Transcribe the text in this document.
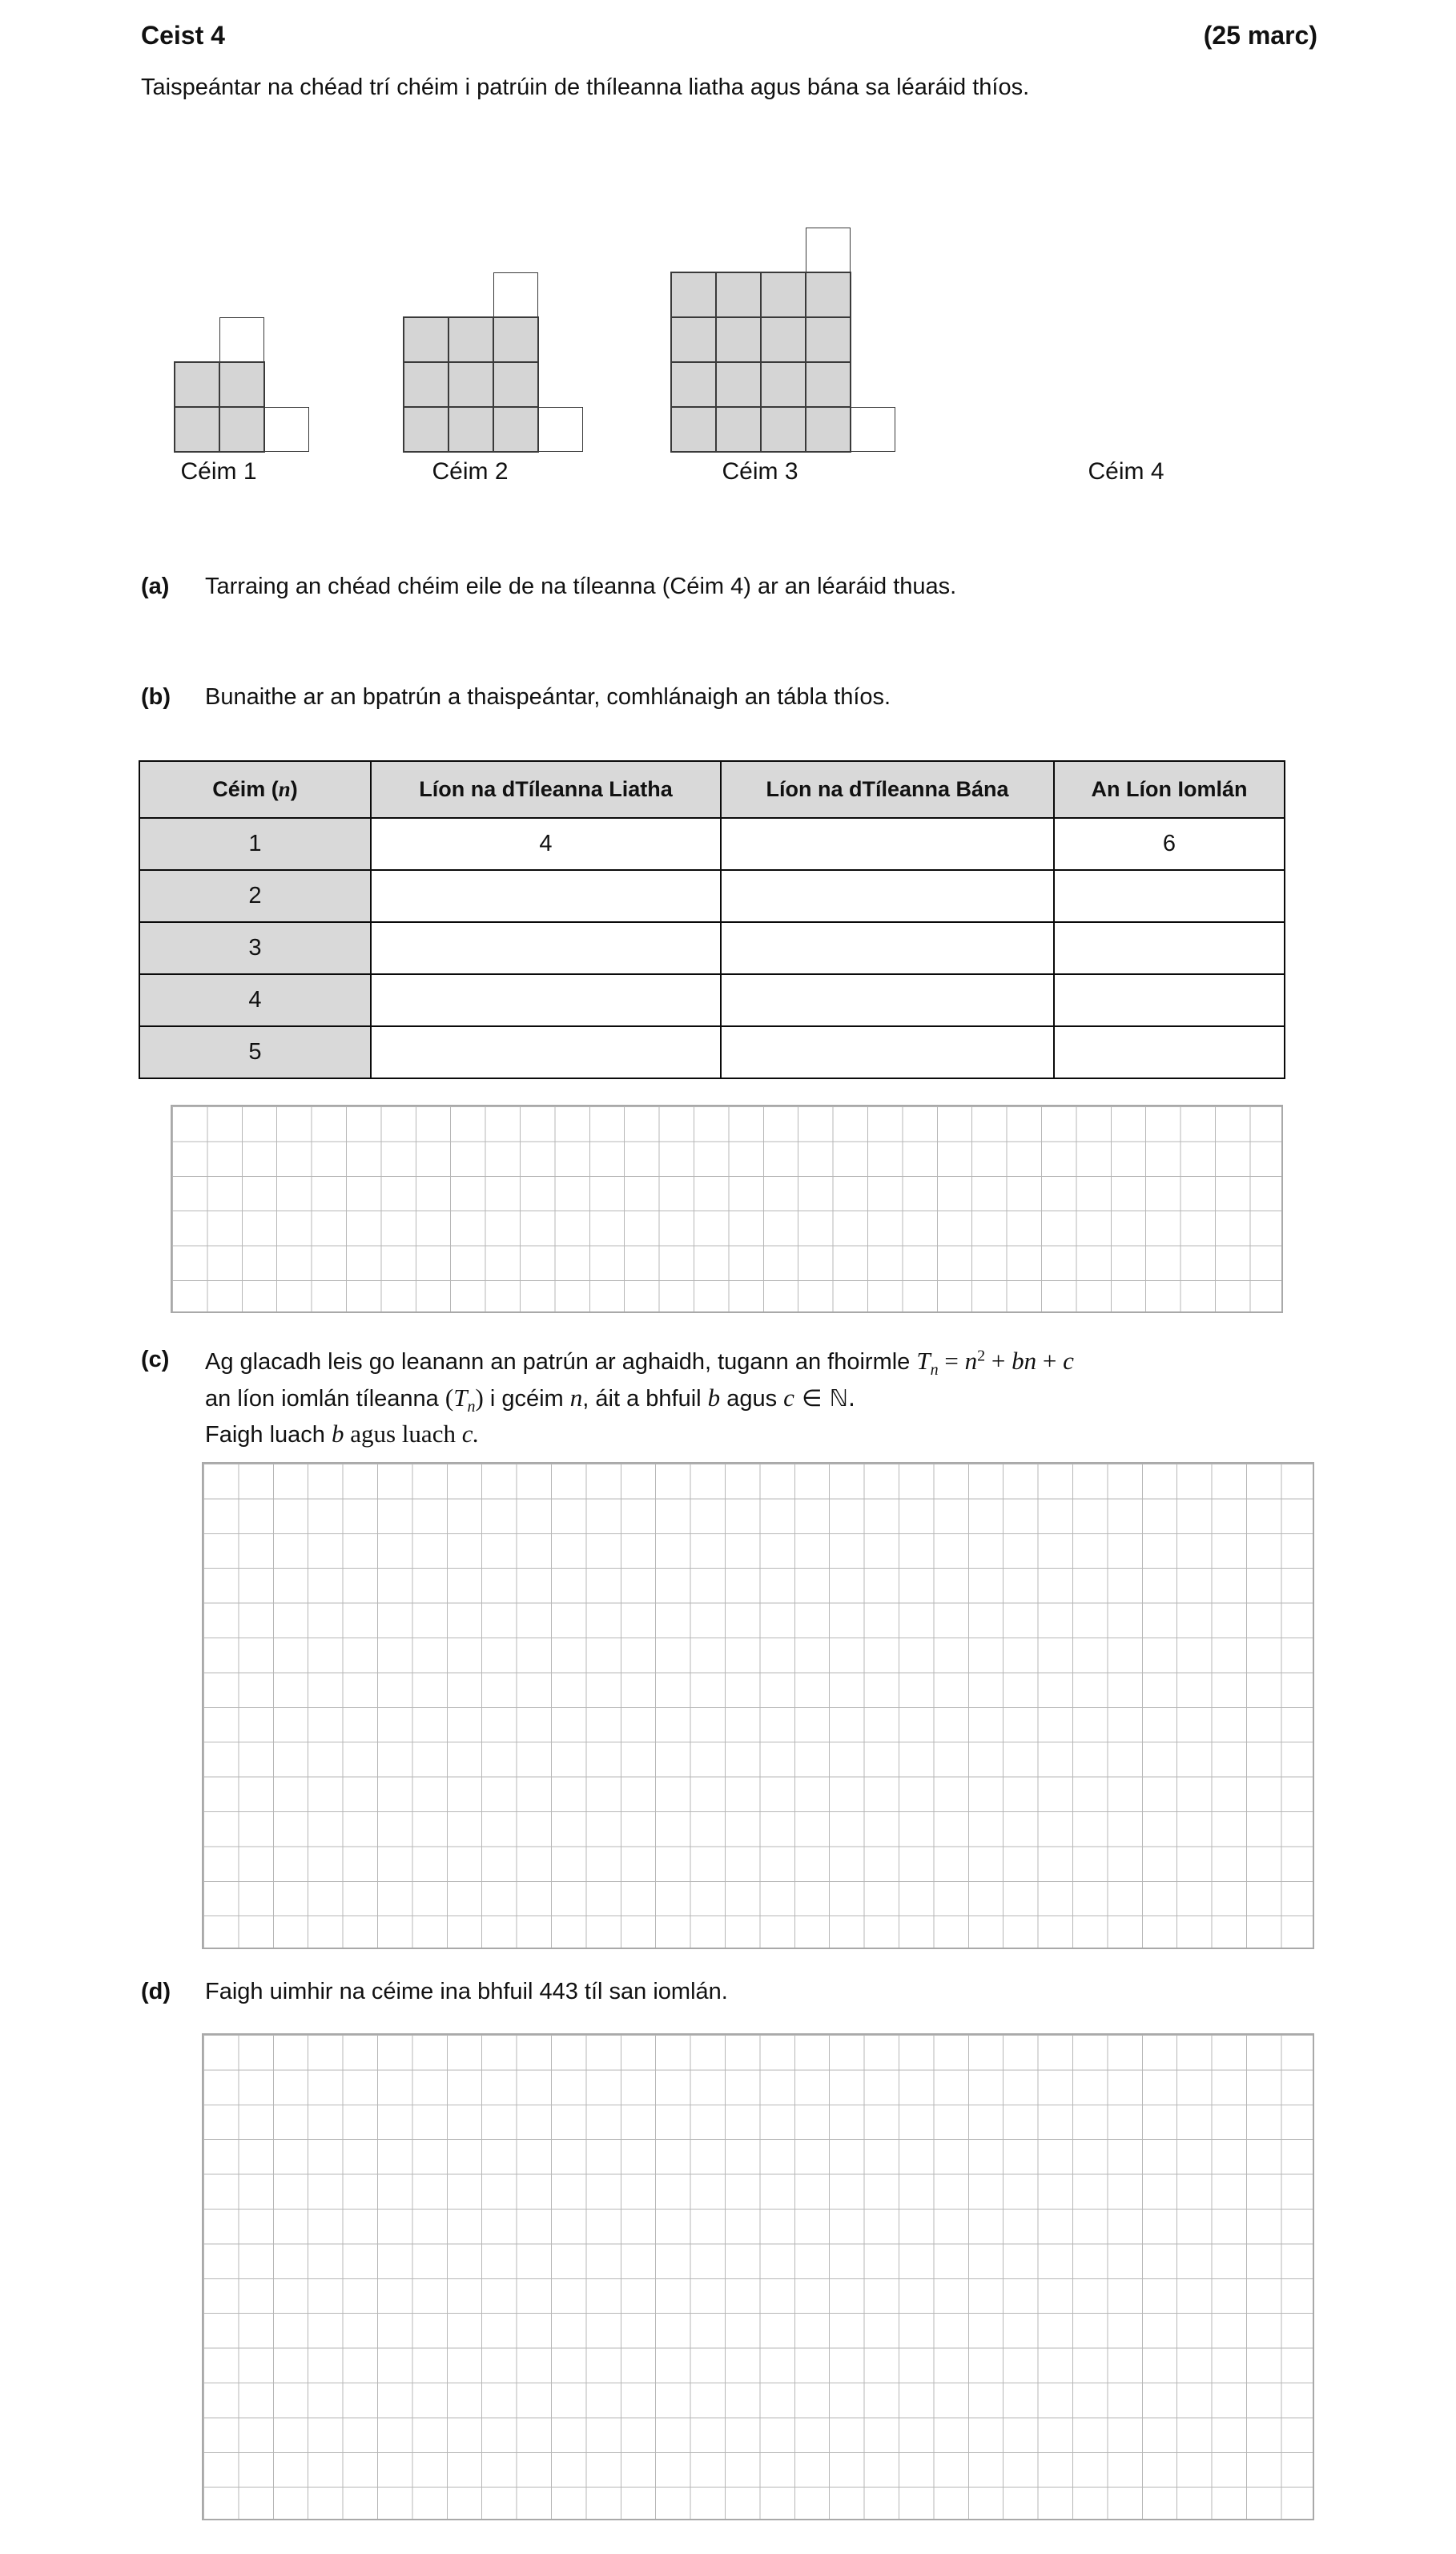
Ceist 4	(25 marc)
Taispeántar na chéad trí chéim i patrúin de thíleanna liatha agus bána sa léaráid thíos.
Céim 1	Céim 2	Céim 3	Céim 4
(a) Tarraing an chéad chéim eile de na tíleanna (Céim 4) ar an léaráid thuas.
(b) Bunaithe ar an bpatrún a thaispeántar, comhlánaigh an tábla thíos.
Céim (n)	Líon na dTíleanna Liatha	Líon na dTíleanna Bána	An Líon Iomlán
1	4		6
2			
3			
4			
5			
(c) Ag glacadh leis go leanann an patrún ar aghaidh, tugann an fhoirmle $T_n = n^2$ + bn + c
an líon iomlán tíleanna $(T_n)$ i gcéim n, áit a bhfuil b agus c ∈ ℕ.
Faigh luach b agus luach c.
(d) Faigh uimhir na céime ina bhfuil 443 tíl san iomlán.
